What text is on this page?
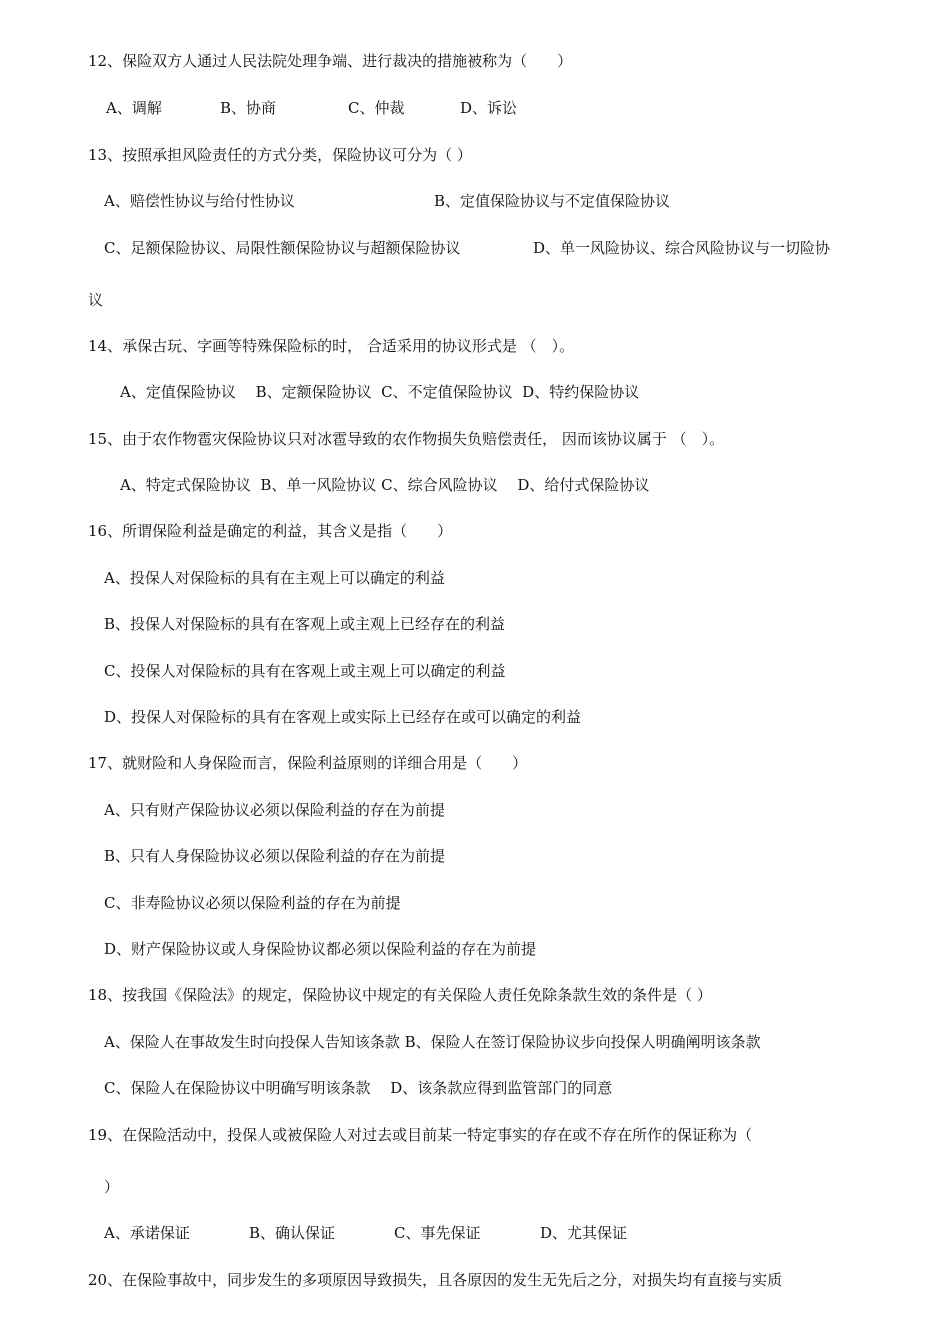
12、保险双方人通过人民法院处理争端、进行裁决的措施被称为（　　）
A、调解	B、协商	C、仲裁	D、诉讼
13、按照承担风险责任的方式分类，保险协议可分为（ ）
A、赔偿性协议与给付性协议	B、定值保险协议与不定值保险协议
C、足额保险协议、局限性额保险协议与超额保险协议	D、单一风险协议、综合风险协议与一切险协
议
14、承保古玩、字画等特殊保险标的时， 合适采用的协议形式是 （　）。
A、定值保险协议　 B、定额保险协议  C、不定值保险协议  D、特约保险协议
15、由于农作物雹灾保险协议只对冰雹导致的农作物损失负赔偿责任， 因而该协议属于 （　）。
A、特定式保险协议  B、单一风险协议 C、综合风险协议　 D、给付式保险协议
16、所谓保险利益是确定的利益，其含义是指（　　）
A、投保人对保险标的具有在主观上可以确定的利益
B、投保人对保险标的具有在客观上或主观上已经存在的利益
C、投保人对保险标的具有在客观上或主观上可以确定的利益
D、投保人对保险标的具有在客观上或实际上已经存在或可以确定的利益
17、就财险和人身保险而言，保险利益原则的详细合用是（　　）
A、只有财产保险协议必须以保险利益的存在为前提
B、只有人身保险协议必须以保险利益的存在为前提
C、非寿险协议必须以保险利益的存在为前提
D、财产保险协议或人身保险协议都必须以保险利益的存在为前提
18、按我国《保险法》的规定，保险协议中规定的有关保险人责任免除条款生效的条件是（ ）
A、保险人在事故发生时向投保人告知该条款 B、保险人在签订保险协议步向投保人明确阐明该条款
C、保险人在保险协议中明确写明该条款　 D、该条款应得到监管部门的同意
19、在保险活动中，投保人或被保险人对过去或目前某一特定事实的存在或不存在所作的保证称为（
）
A、承诺保证	B、确认保证	C、事先保证	D、尤其保证
20、在保险事故中，同步发生的多项原因导致损失，且各原因的发生无先后之分，对损失均有直接与实质
